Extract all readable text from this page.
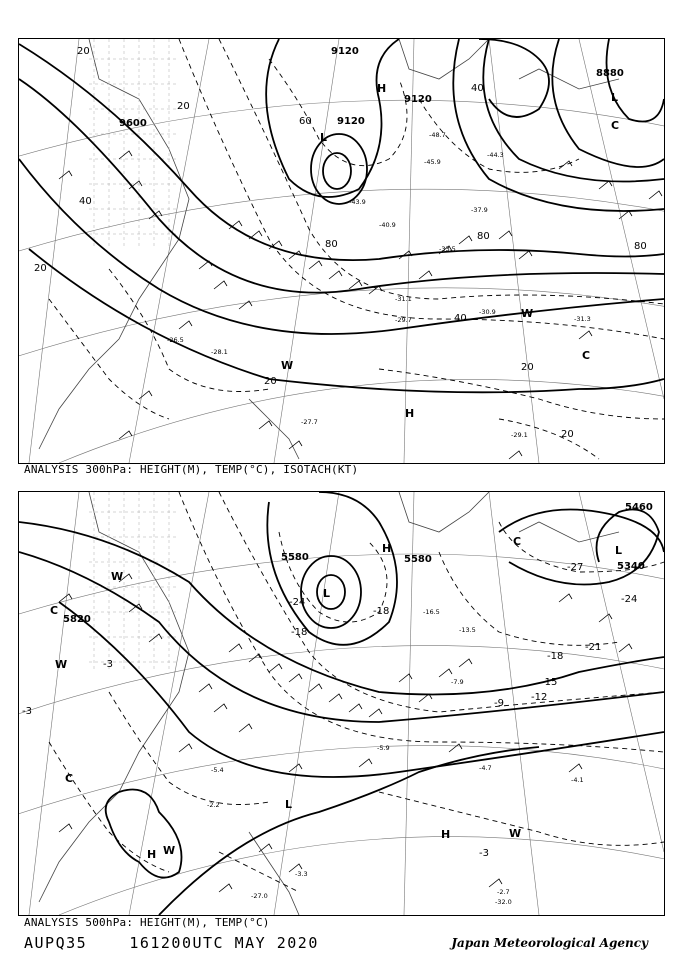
9600
9120
9120
9120
8880
20
40
60
80
40
20
80
80
40
20
20
20
20
L
L
H
H
C
C
W
W
-44.3
-45.9
-48.7
-43.9
-37.9
-31.1
-29.7
-30.9
-31.3
-28.1
-26.5
-27.7
-29.1
-33.5
-40.9
ANALYSIS 300hPa: HEIGHT(M), TEMP(°C), ISOTACH(KT)
5580	5580
5820
5460
5340
-24
-18
-21
-18
-15
-12
-9
-3
-3
-3
-27
-24
-18
L
L
L
H
H
H
C
C
C
W
W
W
W
-16.5
-13.5
-4.7
-5.9
-7.9
-4.1
-2.7
-3.3
-2.2
-5.4
-32.0
-27.0
ANALYSIS 500hPa: HEIGHT(M), TEMP(°C)
AUPQ35	161200UTC MAY 2020	Japan Meteorological Agency
